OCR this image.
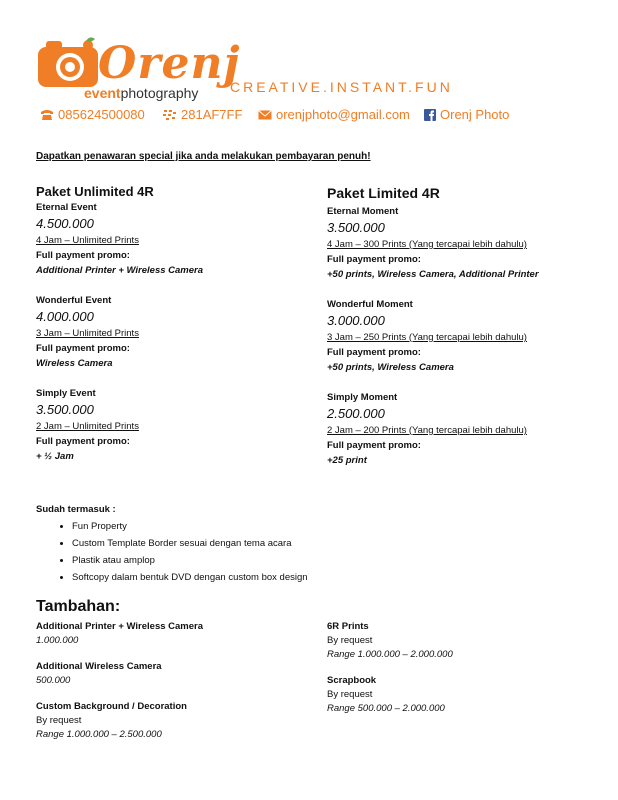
Orenj
eventphotography CREATIVE.INSTANT.FUN
085624500080	281AF7FF	orenjphoto@gmail.com Orenj Photo
Dapatkan penawaran special jika anda melakukan pembayaran penuh!
Paket Unlimited 4R
Eternal Event
4.500.000
4 Jam – Unlimited Prints
Full payment promo:
Additional Printer + Wireless Camera
Wonderful Event
4.000.000
3 Jam – Unlimited Prints
Full payment promo:
Wireless Camera
Simply Event
3.500.000
2 Jam – Unlimited Prints
Full payment promo:
+ ½ Jam
Paket Limited 4R
Eternal Moment
3.500.000
4 Jam – 300 Prints (Yang tercapai lebih dahulu)
Full payment promo:
+50 prints, Wireless Camera, Additional Printer
Wonderful Moment
3.000.000
3 Jam – 250 Prints (Yang tercapai lebih dahulu)
Full payment promo:
+50 prints, Wireless Camera
Simply Moment
2.500.000
2 Jam – 200 Prints (Yang tercapai lebih dahulu)
Full payment promo:
+25 print
Sudah termasuk :
• Fun Property
• Custom Template Border sesuai dengan tema acara
• Plastik atau amplop
• Softcopy dalam bentuk DVD dengan custom box design
Tambahan:
Additional Printer + Wireless Camera
1.000.000
Additional Wireless Camera
500.000
Custom Background / Decoration
By request
Range 1.000.000 – 2.500.000
6R Prints
By request
Range 1.000.000 – 2.000.000
Scrapbook
By request
Range 500.000 – 2.000.000
